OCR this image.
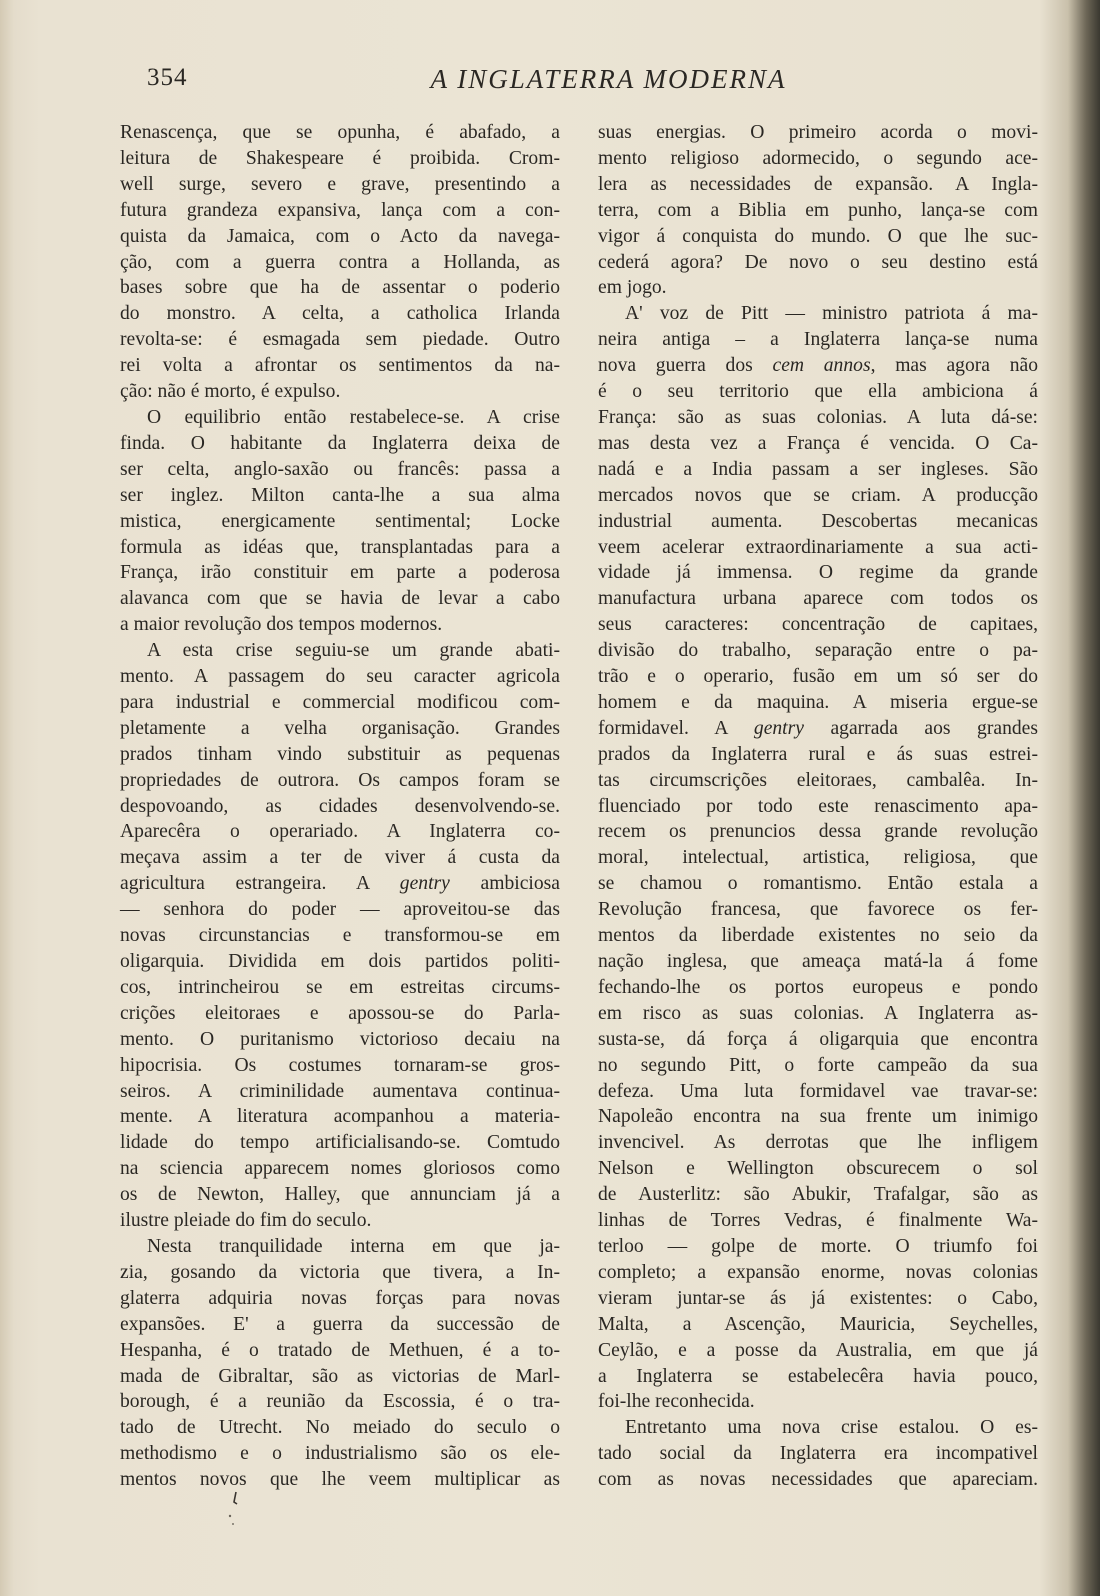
354	A INGLATERRA MODERNA
Renascença, que se opunha, é abafado, a
leitura de Shakespeare é proibida. Crom-
well surge, severo e grave, presentindo a
futura grandeza expansiva, lança com a con-
quista da Jamaica, com o Acto da navega-
ção, com a guerra contra a Hollanda, as
bases sobre que ha de assentar o poderio
do monstro. A celta, a catholica Irlanda
revolta-se: é esmagada sem piedade. Outro
rei volta a afrontar os sentimentos da na-
ção: não é morto, é expulso.
O equilibrio então restabelece-se. A crise
finda. O habitante da Inglaterra deixa de
ser celta, anglo-saxão ou francês: passa a
ser inglez. Milton canta-lhe a sua alma
mistica, energicamente sentimental; Locke
formula as idéas que, transplantadas para a
França, irão constituir em parte a poderosa
alavanca com que se havia de levar a cabo
a maior revolução dos tempos modernos.
A esta crise seguiu-se um grande abati-
mento. A passagem do seu caracter agricola
para industrial e commercial modificou com-
pletamente a velha organisação. Grandes
prados tinham vindo substituir as pequenas
propriedades de outrora. Os campos foram se
despovoando, as cidades desenvolvendo-se.
Aparecêra o operariado. A Inglaterra co-
meçava assim a ter de viver á custa da
agricultura estrangeira. A gentry ambiciosa
— senhora do poder — aproveitou-se das
novas circunstancias e transformou-se em
oligarquia. Dividida em dois partidos politi-
cos, intrincheirou se em estreitas circums-
crições eleitoraes e apossou-se do Parla-
mento. O puritanismo victorioso decaiu na
hipocrisia. Os costumes tornaram-se gros-
seiros. A criminilidade aumentava continua-
mente. A literatura acompanhou a materia-
lidade do tempo artificialisando-se. Comtudo
na sciencia apparecem nomes gloriosos como
os de Newton, Halley, que annunciam já a
ilustre pleiade do fim do seculo.
Nesta tranquilidade interna em que ja-
zia, gosando da victoria que tivera, a In-
glaterra adquiria novas forças para novas
expansões. E' a guerra da successão de
Hespanha, é o tratado de Methuen, é a to-
mada de Gibraltar, são as victorias de Marl-
borough, é a reunião da Escossia, é o tra-
tado de Utrecht. No meiado do seculo o
methodismo e o industrialismo são os ele-
mentos novos que lhe veem multiplicar as
suas energias. O primeiro acorda o movi-
mento religioso adormecido, o segundo ace-
lera as necessidades de expansão. A Ingla-
terra, com a Biblia em punho, lança-se com
vigor á conquista do mundo. O que lhe suc-
cederá agora? De novo o seu destino está
em jogo.
A' voz de Pitt — ministro patriota á ma-
neira antiga – a Inglaterra lança-se numa
nova guerra dos cem annos, mas agora não
é o seu territorio que ella ambiciona á
França: são as suas colonias. A luta dá-se:
mas desta vez a França é vencida. O Ca-
nadá e a India passam a ser ingleses. São
mercados novos que se criam. A producção
industrial aumenta. Descobertas mecanicas
veem acelerar extraordinariamente a sua acti-
vidade já immensa. O regime da grande
manufactura urbana aparece com todos os
seus caracteres: concentração de capitaes,
divisão do trabalho, separação entre o pa-
trão e o operario, fusão em um só ser do
homem e da maquina. A miseria ergue-se
formidavel. A gentry agarrada aos grandes
prados da Inglaterra rural e ás suas estrei-
tas circumscrições eleitoraes, cambalêa. In-
fluenciado por todo este renascimento apa-
recem os prenuncios dessa grande revolução
moral, intelectual, artistica, religiosa, que
se chamou o romantismo. Então estala a
Revolução francesa, que favorece os fer-
mentos da liberdade existentes no seio da
nação inglesa, que ameaça matá-la á fome
fechando-lhe os portos europeus e pondo
em risco as suas colonias. A Inglaterra as-
susta-se, dá força á oligarquia que encontra
no segundo Pitt, o forte campeão da sua
defeza. Uma luta formidavel vae travar-se:
Napoleão encontra na sua frente um inimigo
invencivel. As derrotas que lhe infligem
Nelson e Wellington obscurecem o sol
de Austerlitz: são Abukir, Trafalgar, são as
linhas de Torres Vedras, é finalmente Wa-
terloo — golpe de morte. O triumfo foi
completo; a expansão enorme, novas colonias
vieram juntar-se ás já existentes: o Cabo,
Malta, a Ascenção, Mauricia, Seychelles,
Ceylão, e a posse da Australia, em que já
a Inglaterra se estabelecêra havia pouco,
foi-lhe reconhecida.
Entretanto uma nova crise estalou. O es-
tado social da Inglaterra era incompativel
com as novas necessidades que apareciam.
